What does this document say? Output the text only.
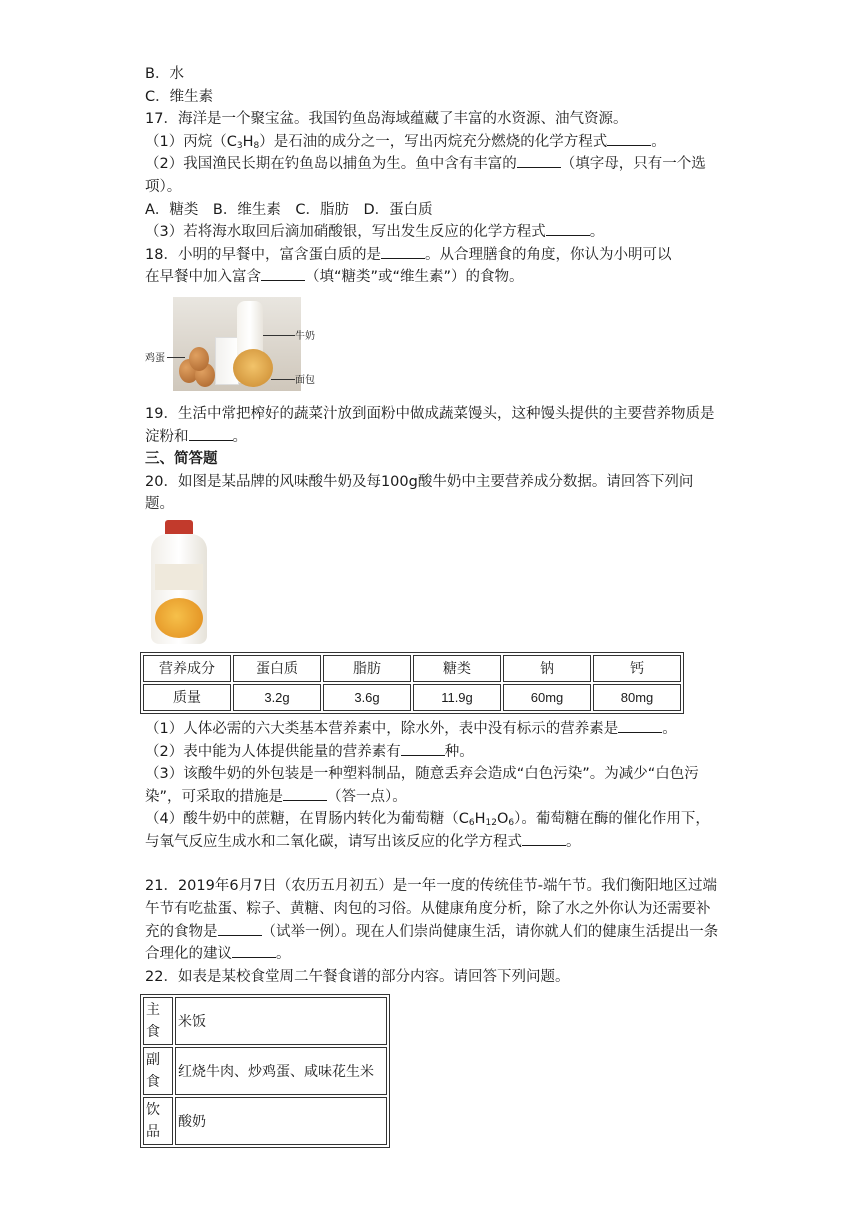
B．水
C．维生素
17．海洋是一个聚宝盆。我国钓鱼岛海域蕴藏了丰富的水资源、油气资源。
（1）丙烷$(C_3H_8)$是石油的成分之一，写出丙烷充分燃烧的化学方程式	。
（2）我国渔民长期在钓鱼岛以捕鱼为生。鱼中含有丰富的	（填字母，只有一个选项）。
A．糖类　B．维生素　C．脂肪　D．蛋白质
（3）若将海水取回后滴加硝酸银，写出发生反应的化学方程式	。
18．小明的早餐中，富含蛋白质的是	。从合理膳食的角度，你认为小明可以
在早餐中加入富含	（填“糖类”或“维生素”）的食物。
鸡蛋
牛奶
面包
19．生活中常把榨好的蔬菜汁放到面粉中做成蔬菜馒头，这种馒头提供的主要营养物质是淀粉和	。
三、简答题
20．如图是某品牌的风味酸牛奶及每100g酸牛奶中主要营养成分数据。请回答下列问题。
营养成分	蛋白质	脂肪	糖类	钠	钙
质量	3.2g	3.6g	11.9g	60mg	80mg
（1）人体必需的六大类基本营养素中，除水外，表中没有标示的营养素是	。
（2）表中能为人体提供能量的营养素有	种。
（3）该酸牛奶的外包装是一种塑料制品，随意丢弃会造成“白色污染”。为减少“白色污染”，可采取的措施是	（答一点）。
（4）酸牛奶中的蔗糖，在胃肠内转化为葡萄糖$(C_6H_{12}O_6)$。葡萄糖在酶的催化作用下，与氧气反应生成水和二氧化碳，请写出该反应的化学方程式	。
21．2019年6月7日（农历五月初五）是一年一度的传统佳节-端午节。我们衡阳地区过端午节有吃盐蛋、粽子、黄糖、肉包的习俗。从健康角度分析，除了水之外你认为还需要补充的食物是	（试举一例）。现在人们崇尚健康生活，请你就人们的健康生活提出一条合理化的建议	。
22．如表是某校食堂周二午餐食谱的部分内容。请回答下列问题。
主食	米饭
副食	红烧牛肉、炒鸡蛋、咸味花生米
饮品	酸奶
